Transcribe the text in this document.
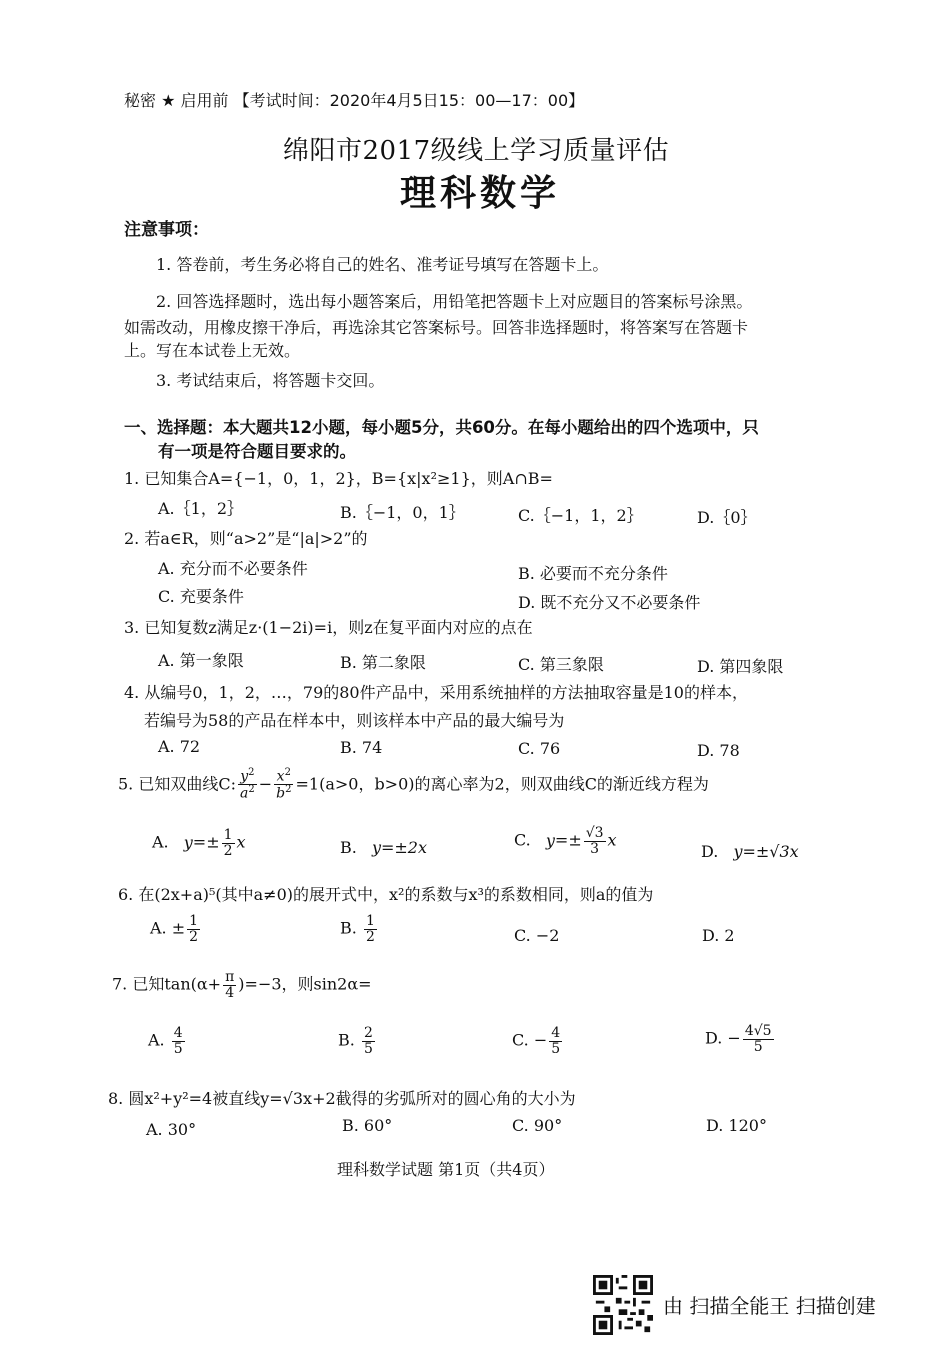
秘密 ★ 启用前 【考试时间：2020年4月5日15：00—17：00】
绵阳市2017级线上学习质量评估
理科数学
注意事项：
1. 答卷前，考生务必将自己的姓名、准考证号填写在答题卡上。
2. 回答选择题时，选出每小题答案后，用铅笔把答题卡上对应题目的答案标号涂黑。
如需改动，用橡皮擦干净后，再选涂其它答案标号。回答非选择题时，将答案写在答题卡
上。写在本试卷上无效。
3. 考试结束后，将答题卡交回。
一、选择题：本大题共12小题，每小题5分，共60分。在每小题给出的四个选项中，只
有一项是符合题目要求的。
1. 已知集合A={−1，0，1，2}，B={x|x²≥1}，则A∩B=
A.｛1，2｝	B.｛−1，0，1｝	C.｛−1，1，2｝	D.｛0｝
2. 若a∈R，则“a>2”是“|a|>2”的
A. 充分而不必要条件	B. 必要而不充分条件
C. 充要条件	D. 既不充分又不必要条件
3. 已知复数z满足z·(1−2i)=i，则z在复平面内对应的点在
A. 第一象限	B. 第二象限	C. 第三象限	D. 第四象限
4. 从编号0，1，2，…，79的80件产品中，采用系统抽样的方法抽取容量是10的样本，
若编号为58的产品在样本中，则该样本中产品的最大编号为
A. 72	B. 74	C. 76	D. 78
5. 已知双曲线C: $\frac{y^2}{a^2} - \frac{x^2}{b^2} =1(a>0$，b>0)的离心率为2，则双曲线C的渐近线方程为
A. $y=\pm \frac{1}{2}$ x	B. y=±2x	C. $y=\pm \frac{√3}{3}$ x
D. y=±√3x
6. 在(2x+a)⁵(其中a≠0)的展开式中，x²的系数与x³的系数相同，则a的值为
A. ± $\frac{1}{2}$	B. $\frac{1}{2}$	C. −2	D. 2
7. 已知$\tan(\alpha+ \frac{\pi}{4} )=-3$，则sin2α=
A. $\frac{4}{5}$	B. $\frac{2}{5}$	C. − $\frac{4}{5}$	D. − $\frac{4√5}{5}$
8. 圆x²+y²=4被直线y=√3x+2截得的劣弧所对的圆心角的大小为
A. 30°	B. 60°	C. 90°	D. 120°
理科数学试题 第1页（共4页）
由 扫描全能王 扫描创建
